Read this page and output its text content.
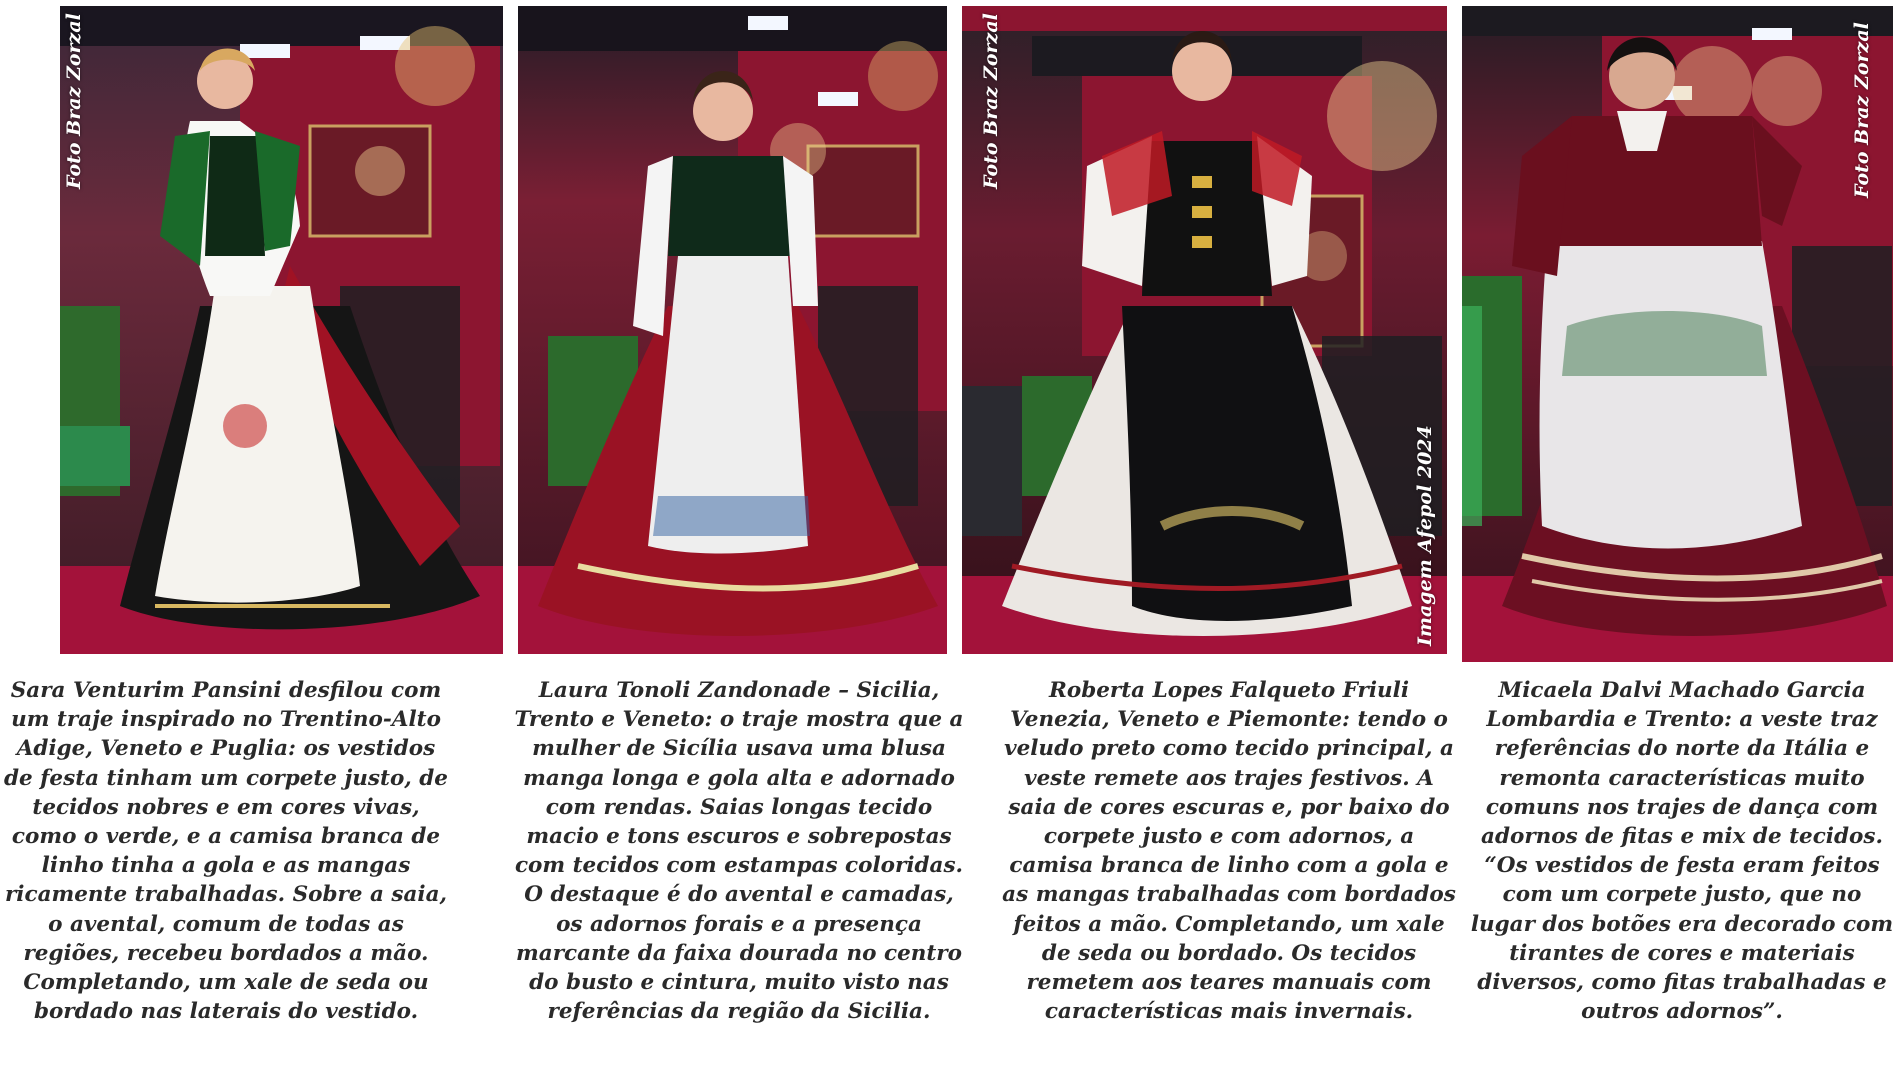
Foto Braz Zorzal	Foto Braz Zorzal
Imagem Afepol 2024
Foto Braz Zorzal
Sara Venturim Pansini desfilou com um traje inspirado no Trentino-Alto Adige, Veneto e Puglia: os vestidos de festa tinham um corpete justo, de tecidos nobres e em cores vivas, como o verde, e a camisa branca de linho tinha a gola e as mangas ricamente trabalhadas. Sobre a saia, o avental, comum de todas as regiões, recebeu bordados a mão. Completando, um xale de seda ou bordado nas laterais do vestido.
Laura Tonoli Zandonade – Sicilia, Trento e Veneto: o traje mostra que a mulher de Sicília usava uma blusa manga longa e gola alta e adornado com rendas. Saias longas tecido macio e tons escuros e sobrepostas com tecidos com estampas coloridas. O destaque é do avental e camadas, os adornos forais e a presença marcante da faixa dourada no centro do busto e cintura, muito visto nas referências da região da Sicilia.
Roberta Lopes Falqueto Friuli Venezia, Veneto e Piemonte: tendo o veludo preto como tecido principal, a veste remete aos trajes festivos. A saia de cores escuras e, por baixo do corpete justo e com adornos, a camisa branca de linho com a gola e as mangas trabalhadas com bordados feitos a mão. Completando, um xale de seda ou bordado. Os tecidos remetem aos teares manuais com características mais invernais.
Micaela Dalvi Machado Garcia Lombardia e Trento: a veste traz referências do norte da Itália e remonta características muito comuns nos trajes de dança com adornos de fitas e mix de tecidos. “Os vestidos de festa eram feitos com um corpete justo, que no lugar dos botões era decorado com tirantes de cores e materiais diversos, como fitas trabalhadas e outros adornos”.
